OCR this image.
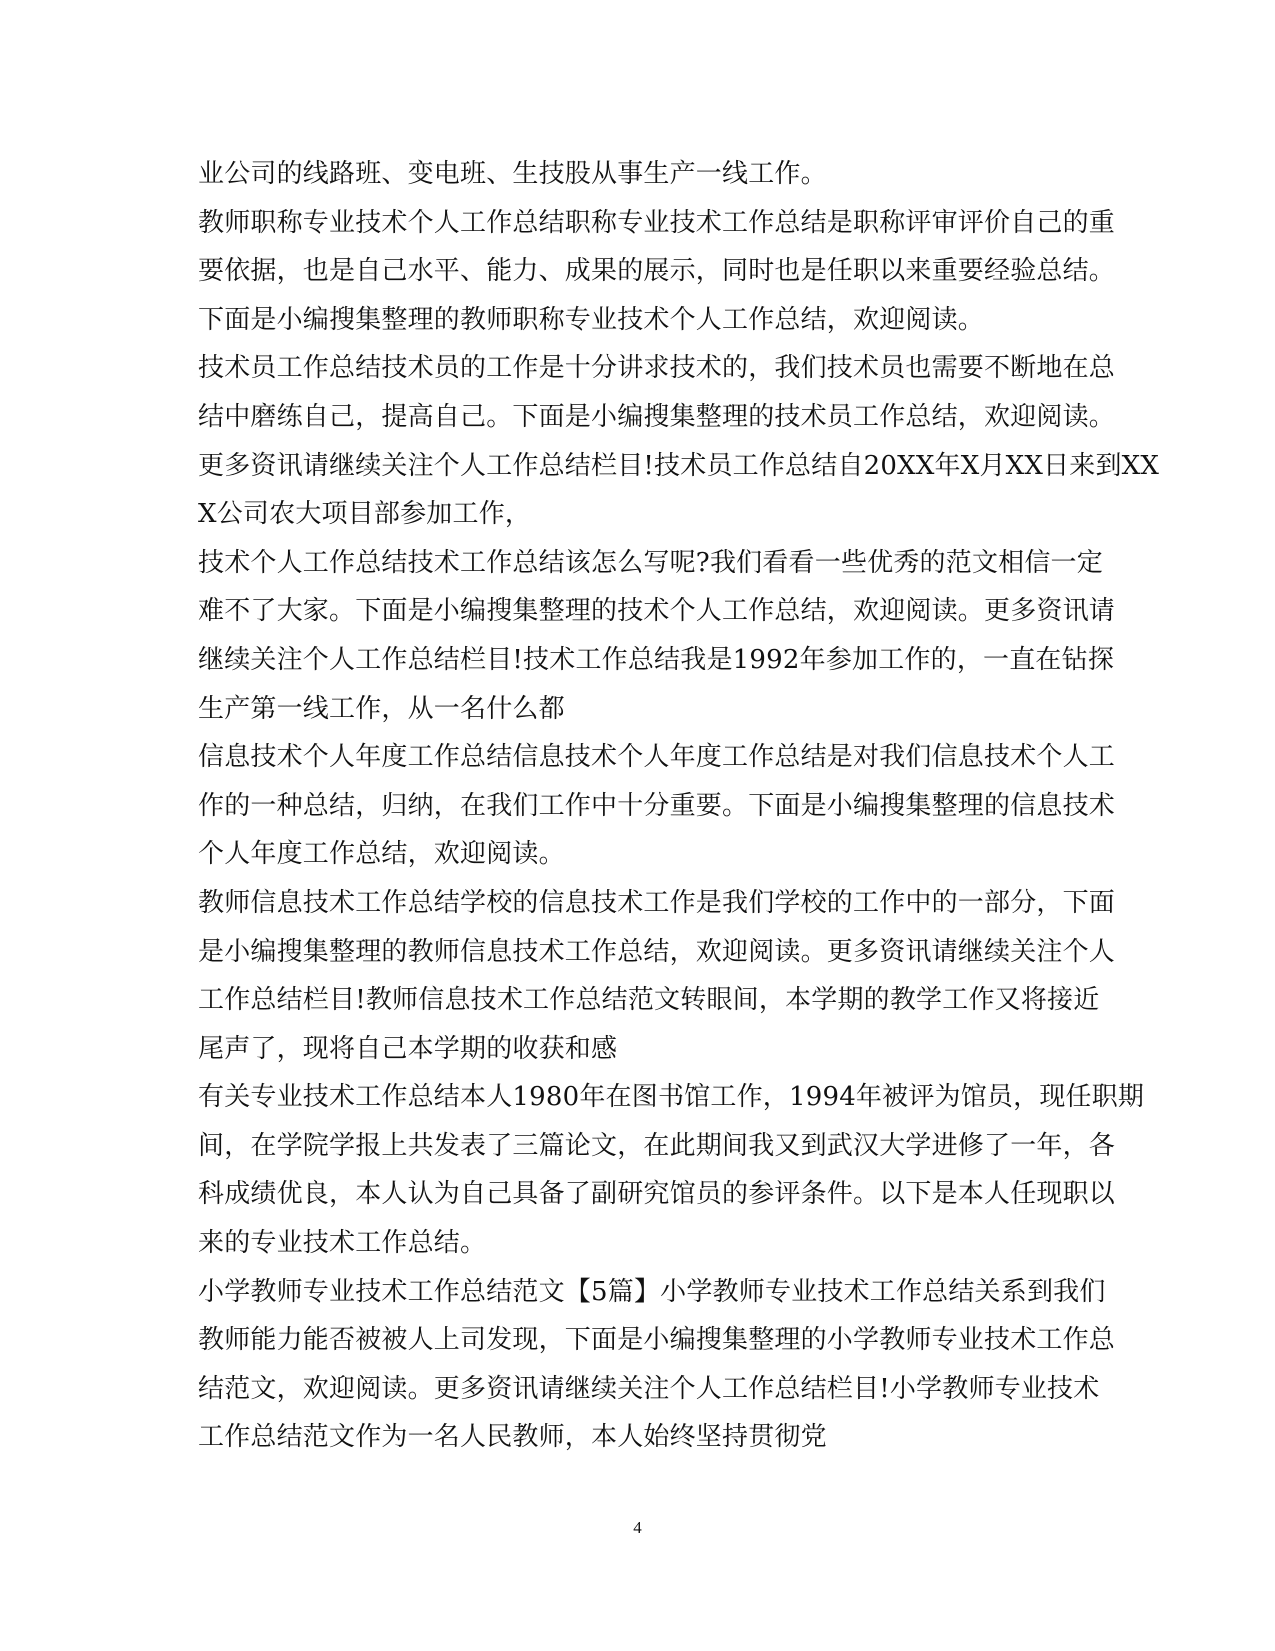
业公司的线路班、变电班、生技股从事生产一线工作。
教师职称专业技术个人工作总结职称专业技术工作总结是职称评审评价自己的重
要依据，也是自己水平、能力、成果的展示，同时也是任职以来重要经验总结。
下面是小编搜集整理的教师职称专业技术个人工作总结，欢迎阅读。
技术员工作总结技术员的工作是十分讲求技术的，我们技术员也需要不断地在总
结中磨练自己，提高自己。下面是小编搜集整理的技术员工作总结，欢迎阅读。
更多资讯请继续关注个人工作总结栏目!技术员工作总结自20XX年X月XX日来到XX
X公司农大项目部参加工作，
技术个人工作总结技术工作总结该怎么写呢?我们看看一些优秀的范文相信一定
难不了大家。下面是小编搜集整理的技术个人工作总结，欢迎阅读。更多资讯请
继续关注个人工作总结栏目!技术工作总结我是1992年参加工作的，一直在钻探
生产第一线工作，从一名什么都
信息技术个人年度工作总结信息技术个人年度工作总结是对我们信息技术个人工
作的一种总结，归纳，在我们工作中十分重要。下面是小编搜集整理的信息技术
个人年度工作总结，欢迎阅读。
教师信息技术工作总结学校的信息技术工作是我们学校的工作中的一部分，下面
是小编搜集整理的教师信息技术工作总结，欢迎阅读。更多资讯请继续关注个人
工作总结栏目!教师信息技术工作总结范文转眼间，本学期的教学工作又将接近
尾声了，现将自己本学期的收获和感
有关专业技术工作总结本人1980年在图书馆工作，1994年被评为馆员，现任职期
间，在学院学报上共发表了三篇论文，在此期间我又到武汉大学进修了一年，各
科成绩优良，本人认为自己具备了副研究馆员的参评条件。以下是本人任现职以
来的专业技术工作总结。
小学教师专业技术工作总结范文【5篇】小学教师专业技术工作总结关系到我们
教师能力能否被被人上司发现，下面是小编搜集整理的小学教师专业技术工作总
结范文，欢迎阅读。更多资讯请继续关注个人工作总结栏目!小学教师专业技术
工作总结范文作为一名人民教师，本人始终坚持贯彻党
4
